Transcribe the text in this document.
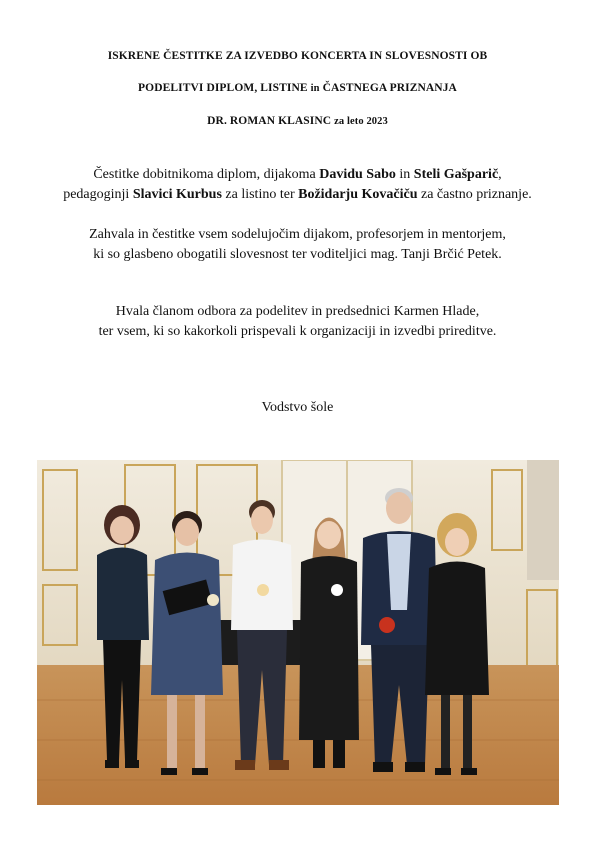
ISKRENE ČESTITKE ZA IZVEDBO KONCERTA IN SLOVESNOSTI OB
PODELITVI DIPLOM, LISTINE in ČASTNEGA PRIZNANJA
DR. ROMAN KLASINC za leto 2023
Čestitke dobitnikoma diplom, dijakoma Davidu Sabo in Steli Gašparič,
pedagoginji Slavici Kurbus za listino ter Božidarju Kovačiču za častno priznanje.
Zahvala in čestitke vsem sodelujočim dijakom, profesorjem in mentorjem,
ki so glasbeno obogatili slovesnost ter voditeljici mag. Tanji Brčić Petek.
Hvala članom odbora za podelitev in predsednici Karmen Hlade,
ter vsem, ki so kakorkoli prispevali k organizaciji in izvedbi prireditve.
Vodstvo šole
